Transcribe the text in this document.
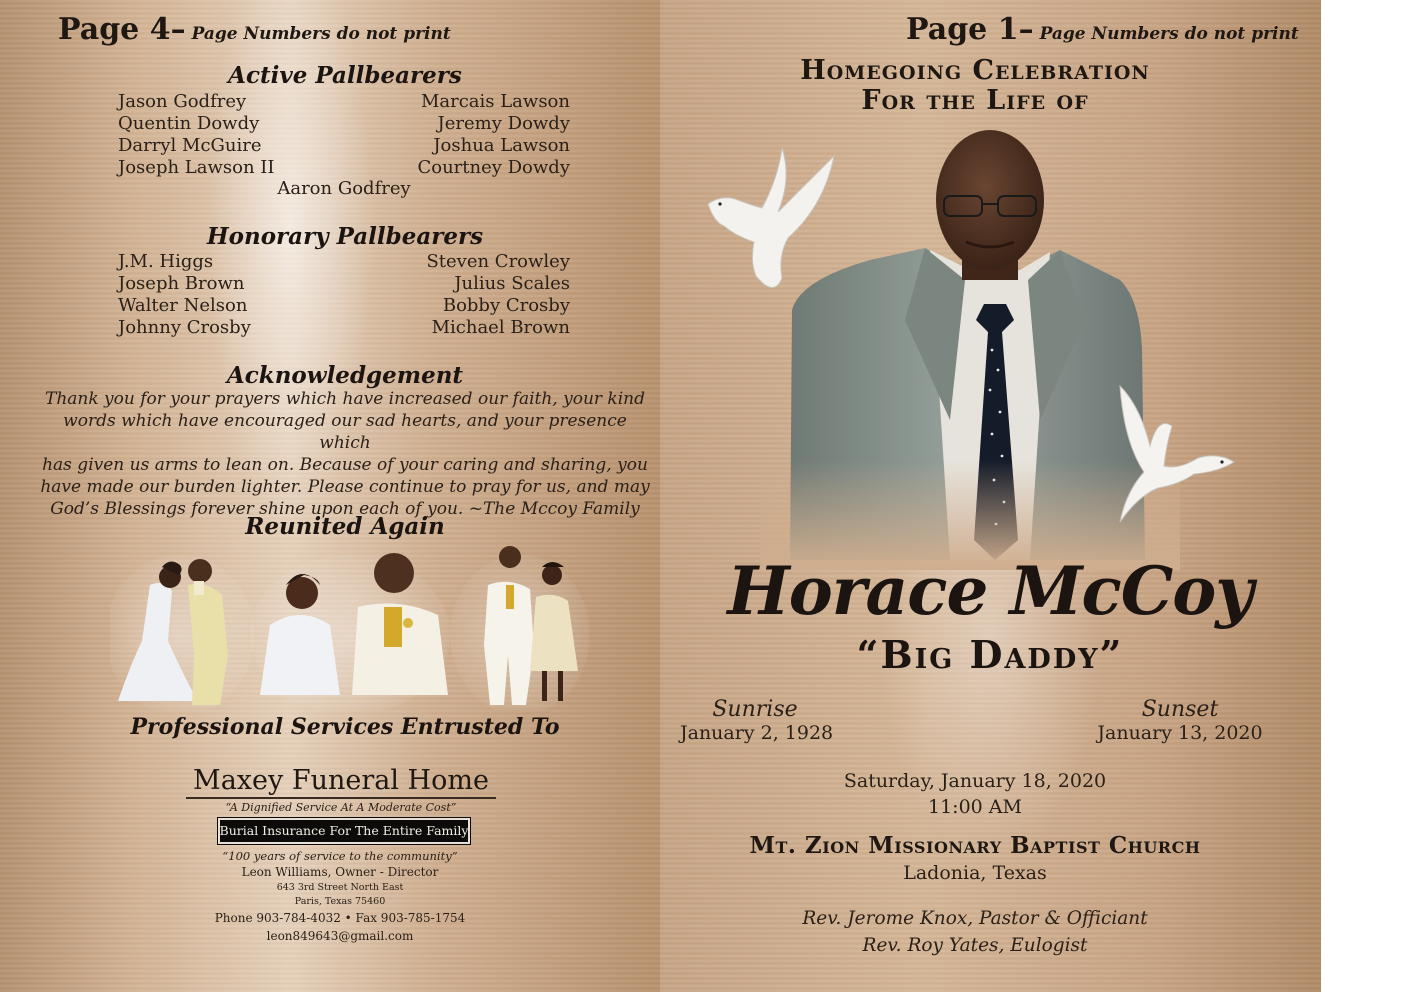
Page 4– Page Numbers do not print
Active Pallbearers
Jason Godfrey
Quentin Dowdy
Darryl McGuire
Joseph Lawson II
Marcais Lawson
Jeremy Dowdy
Joshua Lawson
Courtney Dowdy
Aaron Godfrey
Honorary Pallbearers
J.M. Higgs
Joseph Brown
Walter Nelson
Johnny Crosby
Steven Crowley
Julius Scales
Bobby Crosby
Michael Brown
Acknowledgement
Thank you for your prayers which have increased our faith, your kind
words which have encouraged our sad hearts, and your presence which
has given us arms to lean on. Because of your caring and sharing, you
have made our burden lighter. Please continue to pray for us, and may
God’s Blessings forever shine upon each of you. ~The Mccoy Family
Reunited Again
Professional Services Entrusted To
Maxey Funeral Home
“A Dignified Service At A Moderate Cost”
Burial Insurance For The Entire Family
“100 years of service to the community”
Leon Williams, Owner - Director
643 3rd Street North East
Paris, Texas 75460
Phone 903-784-4032 • Fax 903-785-1754
leon849643@gmail.com
Page 1– Page Numbers do not print
Homegoing Celebration
For the Life of
Horace McCoy
“Big Daddy”
Sunrise
January 2, 1928
Sunset
January 13, 2020
Saturday, January 18, 2020
11:00 AM
Mt. Zion Missionary Baptist Church
Ladonia, Texas
Rev. Jerome Knox, Pastor & Officiant
Rev. Roy Yates, Eulogist
